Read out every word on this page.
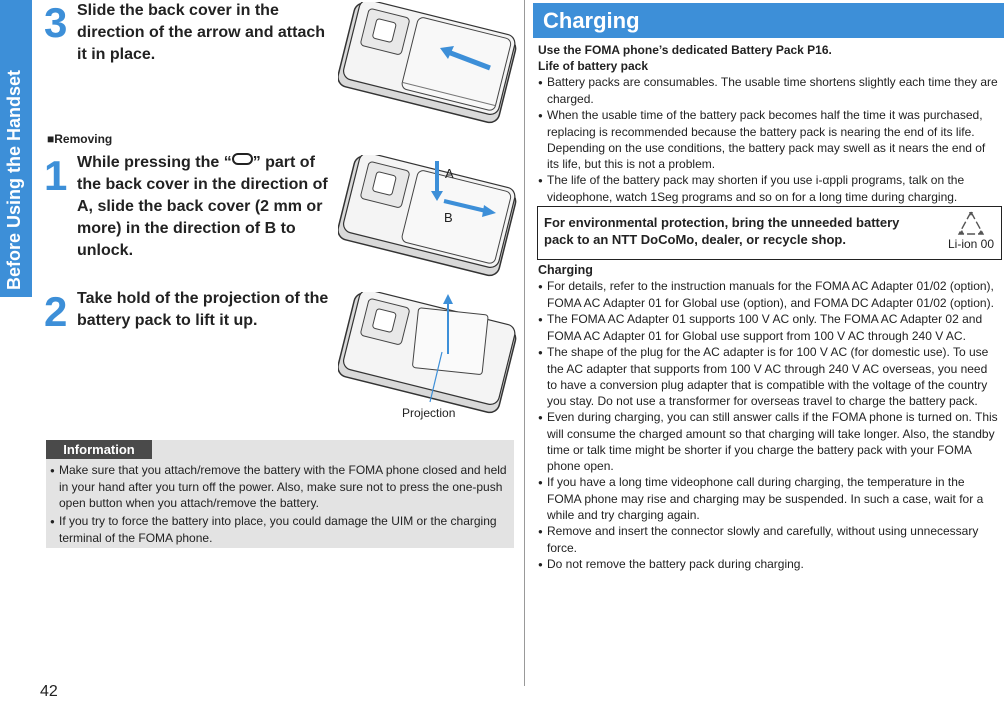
Before Using the Handset
42
3 Slide the back cover in the direction of the arrow and attach it in place.
■Removing
1 While pressing the “ ” part of the back cover in the direction of A, slide the back cover (2 mm or more) in the direction of B to unlock.
A
B
2 Take hold of the projection of the battery pack to lift it up.
Projection
Information
● Make sure that you attach/remove the battery with the FOMA phone closed and held in your hand after you turn off the power. Also, make sure not to press the one-push open button when you attach/remove the battery.
● If you try to force the battery into place, you could damage the UIM or the charging terminal of the FOMA phone.
Charging
Use the FOMA phone’s dedicated Battery Pack P16.
Life of battery pack
● Battery packs are consumables. The usable time shortens slightly each time they are charged.
● When the usable time of the battery pack becomes half the time it was purchased, replacing is recommended because the battery pack is nearing the end of its life. Depending on the use conditions, the battery pack may swell as it nears the end of its life, but this is not a problem.
● The life of the battery pack may shorten if you use i-αppli programs, talk on the videophone, watch 1Seg programs and so on for a long time during charging.
For environmental protection, bring the unneeded battery pack to an NTT DoCoMo, dealer, or recycle shop.	Li-ion 00
Charging
● For details, refer to the instruction manuals for the FOMA AC Adapter 01/02 (option), FOMA AC Adapter 01 for Global use (option), and FOMA DC Adapter 01/02 (option).
● The FOMA AC Adapter 01 supports 100 V AC only. The FOMA AC Adapter 02 and FOMA AC Adapter 01 for Global use support from 100 V AC through 240 V AC.
● The shape of the plug for the AC adapter is for 100 V AC (for domestic use). To use the AC adapter that supports from 100 V AC through 240 V AC overseas, you need to have a conversion plug adapter that is compatible with the voltage of the country you stay. Do not use a transformer for overseas travel to charge the battery pack.
● Even during charging, you can still answer calls if the FOMA phone is turned on. This will consume the charged amount so that charging will take longer. Also, the standby time or talk time might be shorter if you charge the battery pack with your FOMA phone open.
● If you have a long time videophone call during charging, the temperature in the FOMA phone may rise and charging may be suspended. In such a case, wait for a while and try charging again.
● Remove and insert the connector slowly and carefully, without using unnecessary force.
● Do not remove the battery pack during charging.
